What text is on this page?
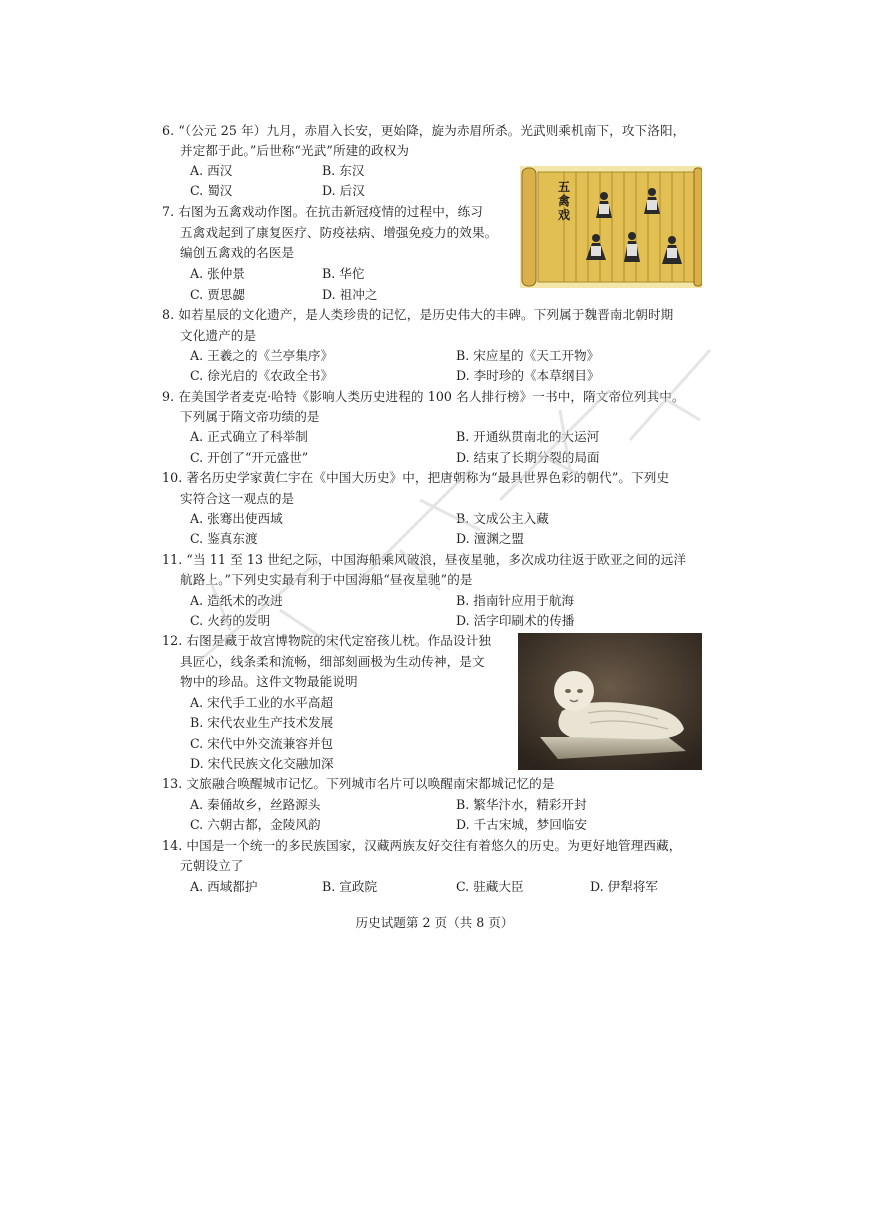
6. “（公元 25 年）九月，赤眉入长安，更始降，旋为赤眉所杀。光武则乘机南下，攻下洛阳，
并定都于此。”后世称“光武”所建的政权为
A. 西汉	B. 东汉
C. 蜀汉	D. 后汉
7. 右图为五禽戏动作图。在抗击新冠疫情的过程中，练习
五禽戏起到了康复医疗、防疫祛病、增强免疫力的效果。
编创五禽戏的名医是
A. 张仲景	B. 华佗
C. 贾思勰	D. 祖冲之
五禽戏
8. 如若星辰的文化遗产，是人类珍贵的记忆，是历史伟大的丰碑。下列属于魏晋南北朝时期
文化遗产的是
A. 王羲之的《兰亭集序》	B. 宋应星的《天工开物》
C. 徐光启的《农政全书》	D. 李时珍的《本草纲目》
9. 在美国学者麦克·哈特《影响人类历史进程的 100 名人排行榜》一书中，隋文帝位列其中。
下列属于隋文帝功绩的是
A. 正式确立了科举制	B. 开通纵贯南北的大运河
C. 开创了“开元盛世”	D. 结束了长期分裂的局面
10. 著名历史学家黄仁宇在《中国大历史》中，把唐朝称为“最具世界色彩的朝代”。下列史
实符合这一观点的是
A. 张骞出使西域	B. 文成公主入藏
C. 鉴真东渡	D. 澶渊之盟
11. “当 11 至 13 世纪之际，中国海船乘风破浪，昼夜星驰，多次成功往返于欧亚之间的远洋
航路上。”下列史实最有利于中国海船“昼夜星驰”的是
A. 造纸术的改进	B. 指南针应用于航海
C. 火药的发明	D. 活字印刷术的传播
12. 右图是藏于故宫博物院的宋代定窑孩儿枕。作品设计独
具匠心，线条柔和流畅，细部刻画极为生动传神，是文
物中的珍品。这件文物最能说明
A. 宋代手工业的水平高超
B. 宋代农业生产技术发展
C. 宋代中外交流兼容并包
D. 宋代民族文化交融加深
13. 文旅融合唤醒城市记忆。下列城市名片可以唤醒南宋都城记忆的是
A. 秦俑故乡，丝路源头	B. 繁华汴水，精彩开封
C. 六朝古都，金陵风韵	D. 千古宋城，梦回临安
14. 中国是一个统一的多民族国家，汉藏两族友好交往有着悠久的历史。为更好地管理西藏，
元朝设立了
A. 西域都护	B. 宣政院	C. 驻藏大臣	D. 伊犁将军
历史试题第 2 页（共 8 页）
